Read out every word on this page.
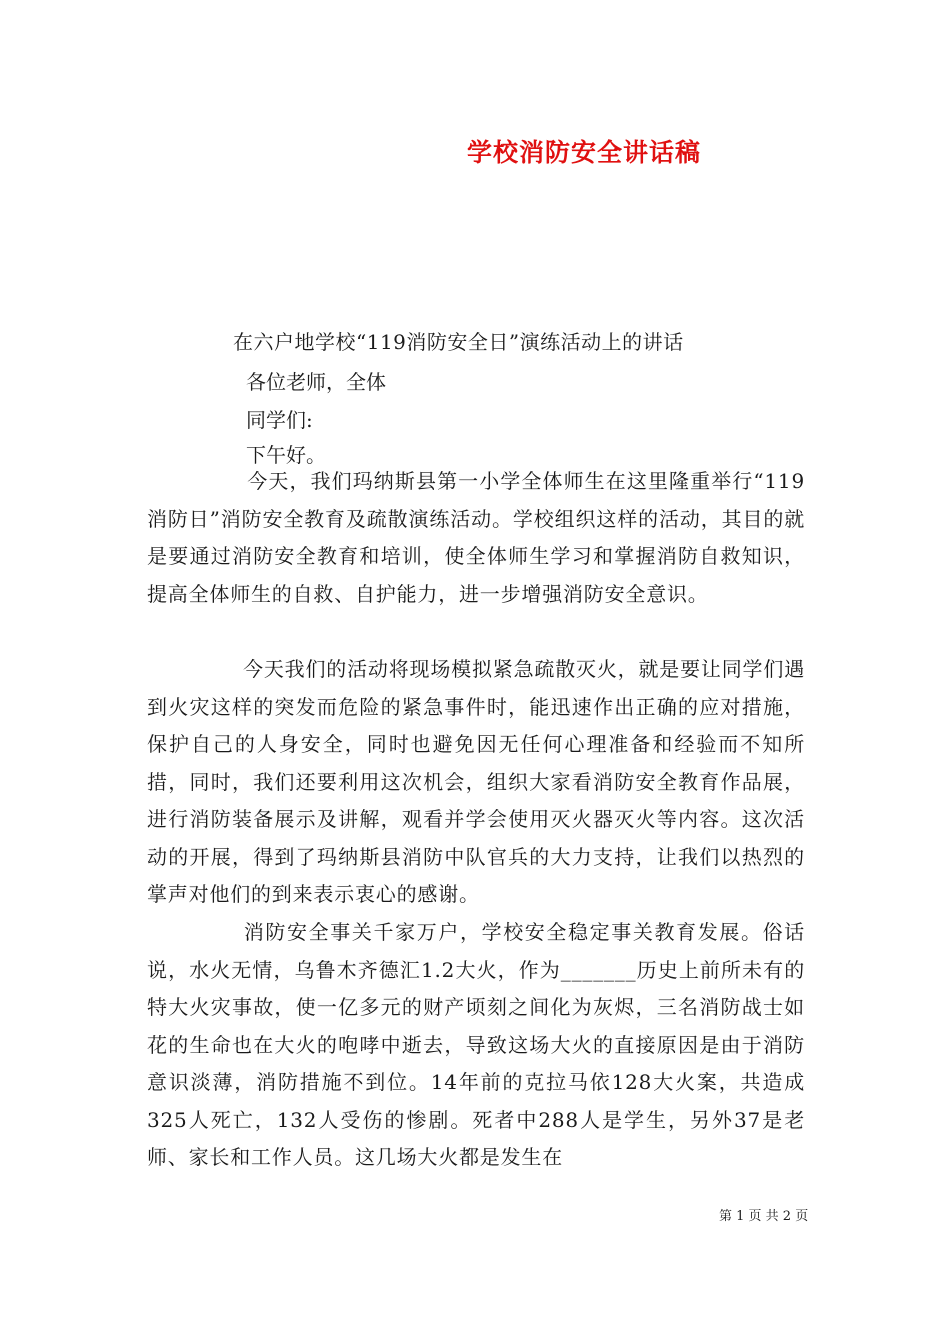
学校消防安全讲话稿
在六户地学校“119消防安全日”演练活动上的讲话
各位老师，全体
同学们:
下午好。
今天，我们玛纳斯县第一小学全体师生在这里隆重举行“119消防日”消防安全教育及疏散演练活动。学校组织这样的活动，其目的就是要通过消防安全教育和培训，使全体师生学习和掌握消防自救知识，提高全体师生的自救、自护能力，进一步增强消防安全意识。
今天我们的活动将现场模拟紧急疏散灭火，就是要让同学们遇到火灾这样的突发而危险的紧急事件时，能迅速作出正确的应对措施，保护自己的人身安全，同时也避免因无任何心理准备和经验而不知所措，同时，我们还要利用这次机会，组织大家看消防安全教育作品展，进行消防装备展示及讲解，观看并学会使用灭火器灭火等内容。这次活动的开展，得到了玛纳斯县消防中队官兵的大力支持，让我们以热烈的掌声对他们的到来表示衷心的感谢。
消防安全事关千家万户，学校安全稳定事关教育发展。俗话说，水火无情，乌鲁木齐德汇1.2大火，作为_______历史上前所未有的特大火灾事故，使一亿多元的财产顷刻之间化为灰烬，三名消防战士如花的生命也在大火的咆哮中逝去，导致这场大火的直接原因是由于消防意识淡薄，消防措施不到位。14年前的克拉马依128大火案，共造成325人死亡，132人受伤的惨剧。死者中288人是学生，另外37是老师、家长和工作人员。这几场大火都是发生在
第 1 页 共 2 页
